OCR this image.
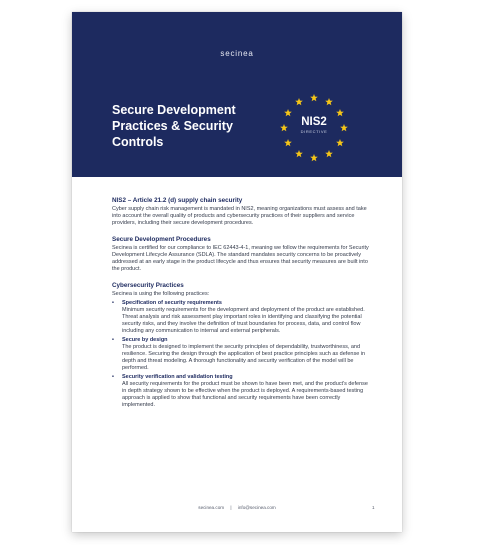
secinea
Secure Development Practices & Security Controls
NIS2
DIRECTIVE
NIS2 – Article 21.2 (d) supply chain security

Cyber supply chain risk management is mandated in NIS2, meaning organizations must assess and take into account the overall quality of products and cybersecurity practices of their suppliers and service providers, including their secure development procedures.

Secure Development Procedures

Secinea is certified for our compliance to IEC 62443-4-1, meaning we follow the requirements for Security Development Lifecycle Assurance (SDLA). The standard mandates security concerns to be proactively addressed at an early stage in the product lifecycle and thus ensures that security measures are built into the product.

Cybersecurity Practices

Secinea is using the following practices:

• Specification of security requirements
Minimum security requirements for the development and deployment of the product are established. Threat analysis and risk assessment play important roles in identifying and classifying the potential security risks, and they involve the definition of trust boundaries for process, data, and control flow including any communication to internal and external peripherals.
• Secure by design
The product is designed to implement the security principles of dependability, trustworthiness, and resilience. Securing the design through the application of best practice principles such as defense in depth and threat modeling. A thorough functionality and security verification of the model will be performed.
• Security verification and validation testing
All security requirements for the product must be shown to have been met, and the product's defense in depth strategy shown to be effective when the product is deployed. A requirements-based testing approach is applied to show that functional and security requirements have been correctly implemented.
secinea.com | info@secinea.com	1
